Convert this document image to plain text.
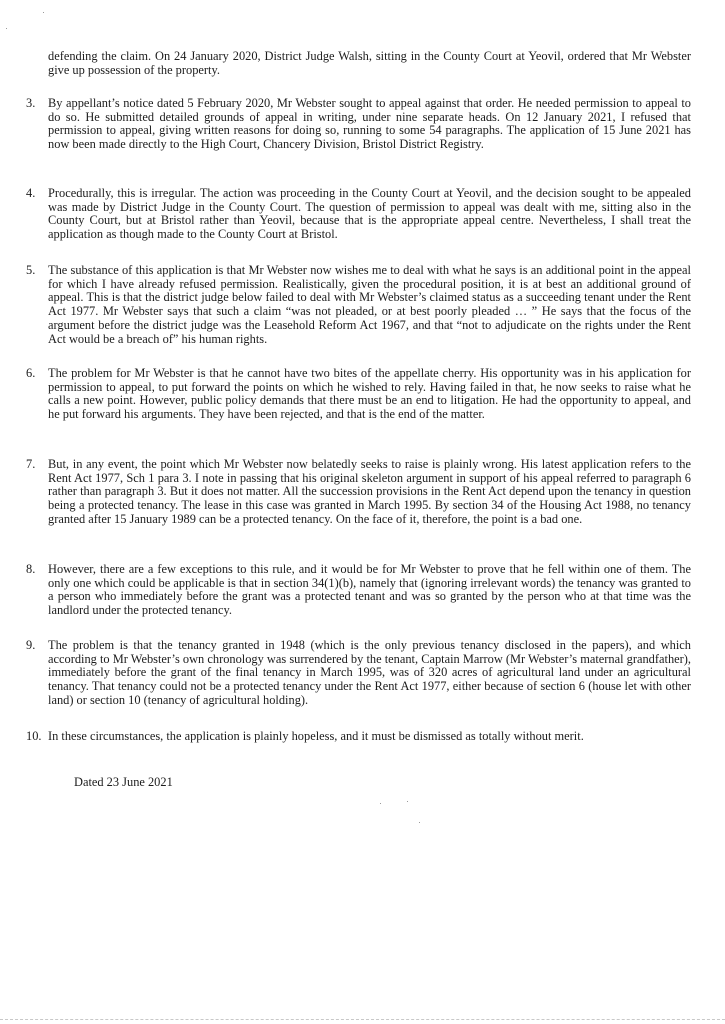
defending the claim. On 24 January 2020, District Judge Walsh, sitting in the County Court at Yeovil, ordered that Mr Webster give up possession of the property.

3. By appellant’s notice dated 5 February 2020, Mr Webster sought to appeal against that order. He needed permission to appeal to do so. He submitted detailed grounds of appeal in writing, under nine separate heads. On 12 January 2021, I refused that permission to appeal, giving written reasons for doing so, running to some 54 paragraphs. The application of 15 June 2021 has now been made directly to the High Court, Chancery Division, Bristol District Registry.

4. Procedurally, this is irregular. The action was proceeding in the County Court at Yeovil, and the decision sought to be appealed was made by District Judge in the County Court. The question of permission to appeal was dealt with me, sitting also in the County Court, but at Bristol rather than Yeovil, because that is the appropriate appeal centre. Nevertheless, I shall treat the application as though made to the County Court at Bristol.

5. The substance of this application is that Mr Webster now wishes me to deal with what he says is an additional point in the appeal for which I have already refused permission. Realistically, given the procedural position, it is at best an additional ground of appeal. This is that the district judge below failed to deal with Mr Webster’s claimed status as a succeeding tenant under the Rent Act 1977. Mr Webster says that such a claim “was not pleaded, or at best poorly pleaded … ” He says that the focus of the argument before the district judge was the Leasehold Reform Act 1967, and that “not to adjudicate on the rights under the Rent Act would be a breach of” his human rights.

6. The problem for Mr Webster is that he cannot have two bites of the appellate cherry. His opportunity was in his application for permission to appeal, to put forward the points on which he wished to rely. Having failed in that, he now seeks to raise what he calls a new point. However, public policy demands that there must be an end to litigation. He had the opportunity to appeal, and he put forward his arguments. They have been rejected, and that is the end of the matter.

7. But, in any event, the point which Mr Webster now belatedly seeks to raise is plainly wrong. His latest application refers to the Rent Act 1977, Sch 1 para 3. I note in passing that his original skeleton argument in support of his appeal referred to paragraph 6 rather than paragraph 3. But it does not matter. All the succession provisions in the Rent Act depend upon the tenancy in question being a protected tenancy. The lease in this case was granted in March 1995. By section 34 of the Housing Act 1988, no tenancy granted after 15 January 1989 can be a protected tenancy. On the face of it, therefore, the point is a bad one.

8. However, there are a few exceptions to this rule, and it would be for Mr Webster to prove that he fell within one of them. The only one which could be applicable is that in section 34(1)(b), namely that (ignoring irrelevant words) the tenancy was granted to a person who immediately before the grant was a protected tenant and was so granted by the person who at that time was the landlord under the protected tenancy.

9. The problem is that the tenancy granted in 1948 (which is the only previous tenancy disclosed in the papers), and which according to Mr Webster’s own chronology was surrendered by the tenant, Captain Marrow (Mr Webster’s maternal grandfather), immediately before the grant of the final tenancy in March 1995, was of 320 acres of agricultural land under an agricultural tenancy. That tenancy could not be a protected tenancy under the Rent Act 1977, either because of section 6 (house let with other land) or section 10 (tenancy of agricultural holding).

10. In these circumstances, the application is plainly hopeless, and it must be dismissed as totally without merit.

Dated 23 June 2021
